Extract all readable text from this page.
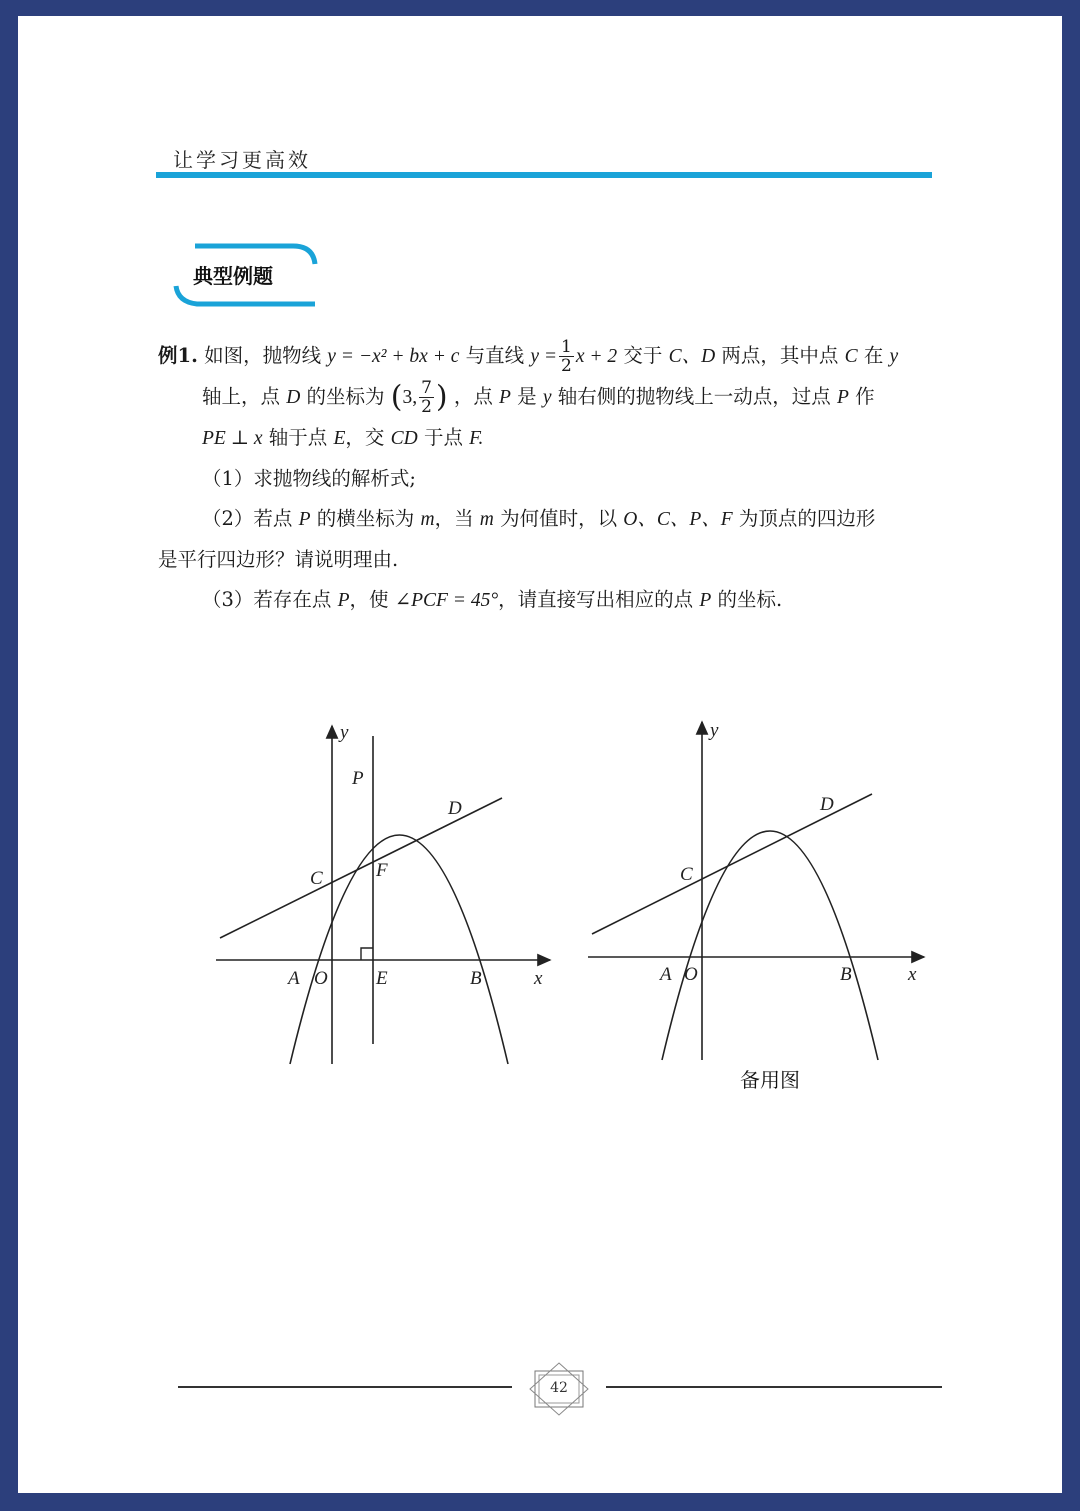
让学习更高效
典型例题
例1. 如图，抛物线 y = −x² + bx + c 与直线 $y = \frac{1}{2}$ x + 2 交于 C、D 两点，其中点 C 在 y
轴上，点 D 的坐标为 (3, $\frac{7}{2}$ ) ，点 P 是 y 轴右侧的抛物线上一动点，过点 P 作
PE ⊥ x 轴于点 E，交 CD 于点 F.
（1）求抛物线的解析式;
（2）若点 P 的横坐标为 m，当 m 为何值时，以 O、C、P、F 为顶点的四边形
是平行四边形？请说明理由.
（3）若存在点 P，使 ∠PCF = 45°，请直接写出相应的点 P 的坐标.
y
x
P
D
C	F
A O	E	B
y
x
D
C
A O	B
备用图
42
